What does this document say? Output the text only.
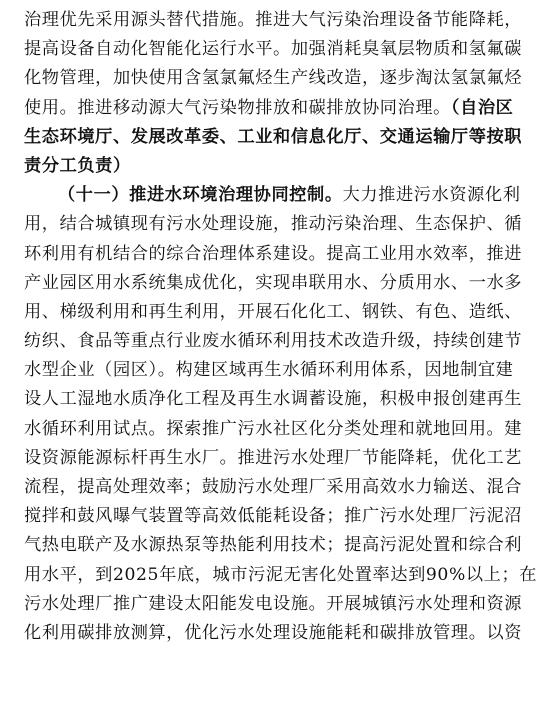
治理优先采用源头替代措施。推进大气污染治理设备节能降耗，
提高设备自动化智能化运行水平。加强消耗臭氧层物质和氢氟碳
化物管理，加快使用含氢氯氟烃生产线改造，逐步淘汰氢氯氟烃
使用。推进移动源大气污染物排放和碳排放协同治理。（自治区
生态环境厅、发展改革委、工业和信息化厅、交通运输厅等按职
责分工负责）
（十一）推进水环境治理协同控制。大力推进污水资源化利
用，结合城镇现有污水处理设施，推动污染治理、生态保护、循
环利用有机结合的综合治理体系建设。提高工业用水效率，推进
产业园区用水系统集成优化，实现串联用水、分质用水、一水多
用、梯级利用和再生利用，开展石化化工、钢铁、有色、造纸、
纺织、食品等重点行业废水循环利用技术改造升级，持续创建节
水型企业（园区）。构建区域再生水循环利用体系，因地制宜建
设人工湿地水质净化工程及再生水调蓄设施，积极申报创建再生
水循环利用试点。探索推广污水社区化分类处理和就地回用。建
设资源能源标杆再生水厂。推进污水处理厂节能降耗，优化工艺
流程，提高处理效率；鼓励污水处理厂采用高效水力输送、混合
搅拌和鼓风曝气装置等高效低能耗设备；推广污水处理厂污泥沼
气热电联产及水源热泵等热能利用技术；提高污泥处置和综合利
用水平，到2025年底，城市污泥无害化处置率达到90%以上；在
污水处理厂推广建设太阳能发电设施。开展城镇污水处理和资源
化利用碳排放测算，优化污水处理设施能耗和碳排放管理。以资
